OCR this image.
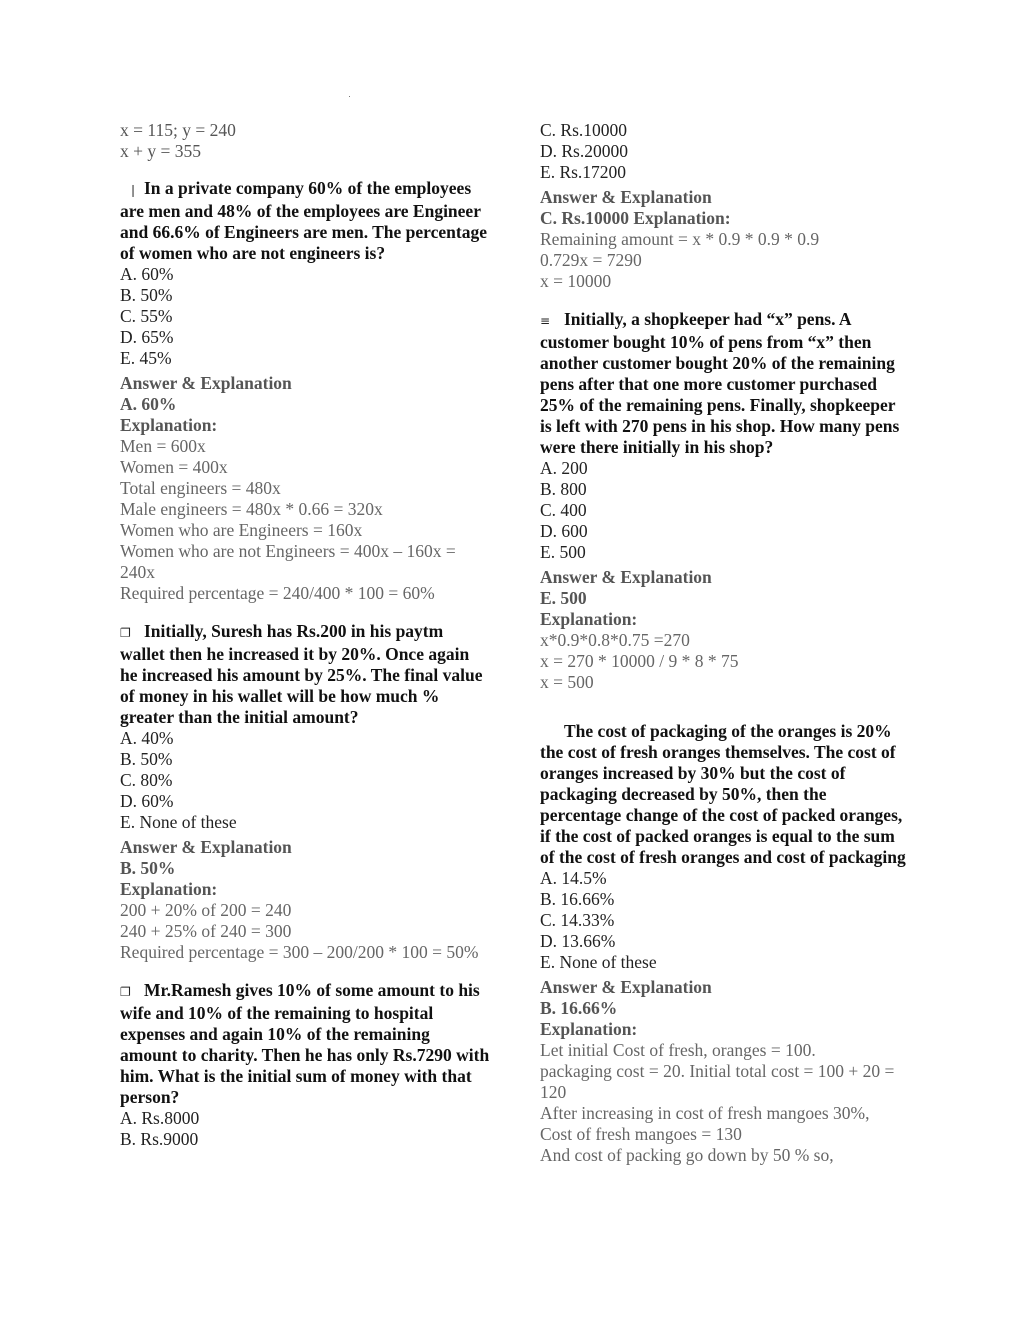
x = 115; y = 240
x + y = 355
❘ In a private company 60% of the employees are men and 48% of the employees are Engineer and 66.6% of Engineers are men. The percentage of women who are not engineers is?
A. 60%
B. 50%
C. 55%
D. 65%
E. 45%
Answer & Explanation
A. 60%
Explanation:
Men = 600x
Women = 400x
Total engineers = 480x
Male engineers = 480x * 0.66 = 320x
Women who are Engineers = 160x
Women who are not Engineers = 400x – 160x = 240x
Required percentage = 240/400 * 100 = 60%
❐ Initially, Suresh has Rs.200 in his paytm wallet then he increased it by 20%. Once again he increased his amount by 25%. The final value of money in his wallet will be how much % greater than the initial amount?
A. 40%
B. 50%
C. 80%
D. 60%
E. None of these
Answer & Explanation
B. 50%
Explanation:
200 + 20% of 200 = 240
240 + 25% of 240 = 300
Required percentage = 300 – 200/200 * 100 = 50%
❐ Mr.Ramesh gives 10% of some amount to his wife and 10% of the remaining to hospital expenses and again 10% of the remaining amount to charity. Then he has only Rs.7290 with him. What is the initial sum of money with that person?
A. Rs.8000
B. Rs.9000
C. Rs.10000
D. Rs.20000
E. Rs.17200
Answer & Explanation
C. Rs.10000 Explanation:
Remaining amount = x * 0.9 * 0.9 * 0.9
0.729x = 7290
x = 10000
≡ Initially, a shopkeeper had “x” pens. A customer bought 10% of pens from “x” then another customer bought 20% of the remaining pens after that one more customer purchased 25% of the remaining pens. Finally, shopkeeper is left with 270 pens in his shop. How many pens were there initially in his shop?
A. 200
B. 800
C. 400
D. 600
E. 500
Answer & Explanation
E. 500
Explanation:
x*0.9*0.8*0.75 =270
x = 270 * 10000 / 9 * 8 * 75
x = 500
The cost of packaging of the oranges is 20% the cost of fresh oranges themselves. The cost of oranges increased by 30% but the cost of packaging decreased by 50%, then the percentage change of the cost of packed oranges, if the cost of packed oranges is equal to the sum of the cost of fresh oranges and cost of packaging
A. 14.5%
B. 16.66%
C. 14.33%
D. 13.66%
E. None of these
Answer & Explanation
B. 16.66%
Explanation:
Let initial Cost of fresh, oranges = 100.
packaging cost = 20. Initial total cost = 100 + 20 = 120
After increasing in cost of fresh mangoes 30%,
Cost of fresh mangoes = 130
And cost of packing go down by 50 % so,
